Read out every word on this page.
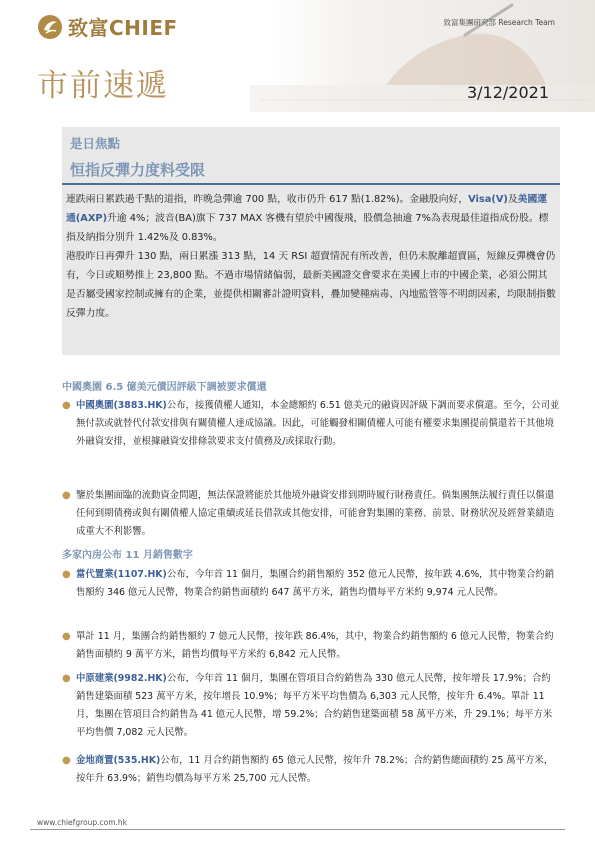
致富CHIEF	致富集團研究部 Research Team
市前速遞	3/12/2021
是日焦點
恒指反彈力度料受限

連跌兩日累跌過千點的道指，昨晚急彈逾 700 點，收市仍升 617 點(1.82%)。金融股向好，Visa(V)及美國運通(AXP)升逾 4%；波音(BA)旗下 737 MAX 客機有望於中國復飛，股價急抽逾 7%為表現最佳道指成份股。標指及納指分別升 1.42%及 0.83%。

港股昨日再彈升 130 點，兩日累漲 313 點，14 天 RSI 超賣情況有所改善，但仍未脫離超賣區，短線反彈機會仍有，今日或順勢推上 23,800 點。不過市場情緒偏弱，最新美國證交會要求在美國上市的中國企業，必須公開其是否屬受國家控制或擁有的企業，並提供相關審計證明資料，疊加變種病毒、內地監管等不明朗因素，均限制指數反彈力度。

中國奧園 6.5 億美元債因評級下調被要求償還
● 中國奧園(3883.HK)公布，接獲債權人通知，本金總額約 6.51 億美元的融資因評級下調而要求償還。至今，公司並無付款或就替代付款安排與有關債權人達成協議。因此，可能觸發相關債權人可能有權要求集團提前償還若干其他境外融資安排，並根據融資安排條款要求支付債務及/或採取行動。
● 鑒於集團面臨的流動資金問題，無法保證將能於其他境外融資安排到期時履行財務責任。倘集團無法履行責任以償還任何到期債務或與有關債權人協定重續或延長借款或其他安排，可能會對集團的業務、前景、財務狀況及經營業績造成重大不利影響。
多家內房公布 11 月銷售數字
● 當代置業(1107.HK)公布，今年首 11 個月，集團合約銷售額約 352 億元人民幣，按年跌 4.6%，其中物業合約銷售額約 346 億元人民幣，物業合約銷售面積約 647 萬平方米，銷售均價每平方米約 9,974 元人民幣。
● 單計 11 月，集團合約銷售額約 7 億元人民幣，按年跌 86.4%，其中，物業合約銷售額約 6 億元人民幣，物業合約銷售面積約 9 萬平方米，銷售均價每平方米約 6,842 元人民幣。
● 中原建業(9982.HK)公布，今年首 11 個月，集團在管項目合約銷售為 330 億元人民幣，按年增長 17.9%；合約銷售建築面積 523 萬平方米，按年增長 10.9%；每平方米平均售價為 6,303 元人民幣，按年升 6.4%。單計 11 月，集團在管項目合約銷售為 41 億元人民幣，增 59.2%；合約銷售建築面積 58 萬平方米，升 29.1%；每平方米平均售價 7,082 元人民幣。
● 金地商置(535.HK)公布，11 月合約銷售額約 65 億元人民幣，按年升 78.2%；合約銷售總面積約 25 萬平方米，按年升 63.9%；銷售均價為每平方米 25,700 元人民幣。
www.chiefgroup.com.hk
